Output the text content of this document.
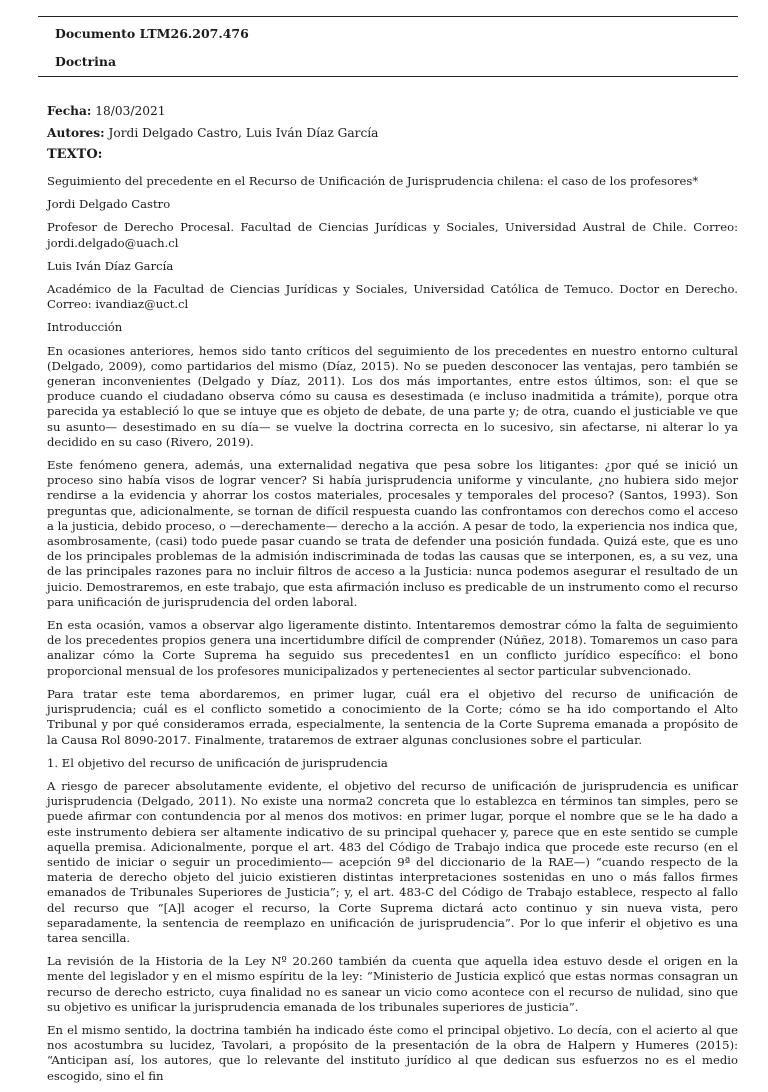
Documento LTM26.207.476
Doctrina
Fecha: 18/03/2021
Autores: Jordi Delgado Castro, Luis Iván Díaz García
TEXTO:

Seguimiento del precedente en el Recurso de Unificación de Jurisprudencia chilena: el caso de los profesores*

Jordi Delgado Castro

Profesor de Derecho Procesal. Facultad de Ciencias Jurídicas y Sociales, Universidad Austral de Chile. Correo: jordi.delgado@uach.cl

Luis Iván Díaz García

Académico de la Facultad de Ciencias Jurídicas y Sociales, Universidad Católica de Temuco. Doctor en Derecho. Correo: ivandiaz@uct.cl

Introducción

En ocasiones anteriores, hemos sido tanto críticos del seguimiento de los precedentes en nuestro entorno cultural (Delgado, 2009), como partidarios del mismo (Díaz, 2015). No se pueden desconocer las ventajas, pero también se generan inconvenientes (Delgado y Díaz, 2011). Los dos más importantes, entre estos últimos, son: el que se produce cuando el ciudadano observa cómo su causa es desestimada (e incluso inadmitida a trámite), porque otra parecida ya estableció lo que se intuye que es objeto de debate, de una parte y; de otra, cuando el justiciable ve que su asunto— desestimado en su día— se vuelve la doctrina correcta en lo sucesivo, sin afectarse, ni alterar lo ya decidido en su caso (Rivero, 2019).

Este fenómeno genera, además, una externalidad negativa que pesa sobre los litigantes: ¿por qué se inició un proceso sino había visos de lograr vencer? Si había jurisprudencia uniforme y vinculante, ¿no hubiera sido mejor rendirse a la evidencia y ahorrar los costos materiales, procesales y temporales del proceso? (Santos, 1993). Son preguntas que, adicionalmente, se tornan de difícil respuesta cuando las confrontamos con derechos como el acceso a la justicia, debido proceso, o —derechamente— derecho a la acción. A pesar de todo, la experiencia nos indica que, asombrosamente, (casi) todo puede pasar cuando se trata de defender una posición fundada. Quizá este, que es uno de los principales problemas de la admisión indiscriminada de todas las causas que se interponen, es, a su vez, una de las principales razones para no incluir filtros de acceso a la Justicia: nunca podemos asegurar el resultado de un juicio. Demostraremos, en este trabajo, que esta afirmación incluso es predicable de un instrumento como el recurso para unificación de jurisprudencia del orden laboral.

En esta ocasión, vamos a observar algo ligeramente distinto. Intentaremos demostrar cómo la falta de seguimiento de los precedentes propios genera una incertidumbre difícil de comprender (Núñez, 2018). Tomaremos un caso para analizar cómo la Corte Suprema ha seguido sus precedentes1 en un conflicto jurídico específico: el bono proporcional mensual de los profesores municipalizados y pertenecientes al sector particular subvencionado.

Para tratar este tema abordaremos, en primer lugar, cuál era el objetivo del recurso de unificación de jurisprudencia; cuál es el conflicto sometido a conocimiento de la Corte; cómo se ha ido comportando el Alto Tribunal y por qué consideramos errada, especialmente, la sentencia de la Corte Suprema emanada a propósito de la Causa Rol 8090-2017. Finalmente, trataremos de extraer algunas conclusiones sobre el particular.

1. El objetivo del recurso de unificación de jurisprudencia

A riesgo de parecer absolutamente evidente, el objetivo del recurso de unificación de jurisprudencia es unificar jurisprudencia (Delgado, 2011). No existe una norma2 concreta que lo establezca en términos tan simples, pero se puede afirmar con contundencia por al menos dos motivos: en primer lugar, porque el nombre que se le ha dado a este instrumento debiera ser altamente indicativo de su principal quehacer y, parece que en este sentido se cumple aquella premisa. Adicionalmente, porque el art. 483 del Código de Trabajo indica que procede este recurso (en el sentido de iniciar o seguir un procedimiento— acepción 9ª del diccionario de la RAE—) “cuando respecto de la materia de derecho objeto del juicio existieren distintas interpretaciones sostenidas en uno o más fallos firmes emanados de Tribunales Superiores de Justicia”; y, el art. 483-C del Código de Trabajo establece, respecto al fallo del recurso que “[A]l acoger el recurso, la Corte Suprema dictará acto continuo y sin nueva vista, pero separadamente, la sentencia de reemplazo en unificación de jurisprudencia”. Por lo que inferir el objetivo es una tarea sencilla.

La revisión de la Historia de la Ley Nº 20.260 también da cuenta que aquella idea estuvo desde el origen en la mente del legislador y en el mismo espíritu de la ley: “Ministerio de Justicia explicó que estas normas consagran un recurso de derecho estricto, cuya finalidad no es sanear un vicio como acontece con el recurso de nulidad, sino que su objetivo es unificar la jurisprudencia emanada de los tribunales superiores de justicia”.

En el mismo sentido, la doctrina también ha indicado éste como el principal objetivo. Lo decía, con el acierto al que nos acostumbra su lucidez, Tavolari, a propósito de la presentación de la obra de Halpern y Humeres (2015): “Anticipan así, los autores, que lo relevante del instituto jurídico al que dedican sus esfuerzos no es el medio escogido, sino el fin
